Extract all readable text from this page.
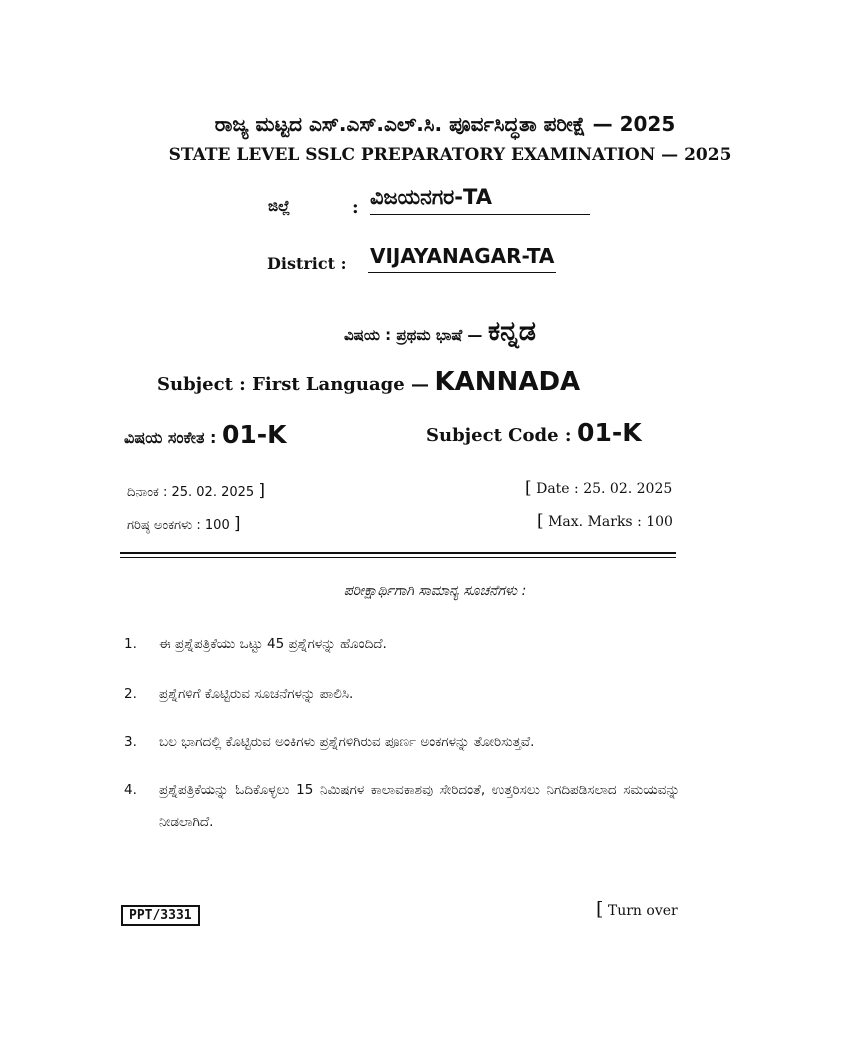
ರಾಜ್ಯ ಮಟ್ಟದ ಎಸ್.ಎಸ್.ಎಲ್.ಸಿ. ಪೂರ್ವಸಿದ್ಧತಾ ಪರೀಕ್ಷೆ — 2025
STATE LEVEL SSLC PREPARATORY EXAMINATION — 2025
ಜಿಲ್ಲೆ	: ವಿಜಯನಗರ-TA
District : VIJAYANAGAR-TA
ವಿಷಯ : ಪ್ರಥಮ ಭಾಷೆ — ಕನ್ನಡ
Subject : First Language — KANNADA
ವಿಷಯ ಸಂಕೇತ : 01-K	Subject Code : 01-K
ದಿನಾಂಕ : 25. 02. 2025 ]
ಗರಿಷ್ಠ ಅಂಕಗಳು : 100 ]
[ Date : 25. 02. 2025
[ Max. Marks : 100
ಪರೀಕ್ಷಾರ್ಥಿಗಾಗಿ ಸಾಮಾನ್ಯ ಸೂಚನೆಗಳು :
1.	ಈ ಪ್ರಶ್ನೆಪತ್ರಿಕೆಯು ಒಟ್ಟು 45 ಪ್ರಶ್ನೆಗಳನ್ನು ಹೊಂದಿದೆ.
2.	ಪ್ರಶ್ನೆಗಳಿಗೆ ಕೊಟ್ಟಿರುವ ಸೂಚನೆಗಳನ್ನು ಪಾಲಿಸಿ.
3.	ಬಲ ಭಾಗದಲ್ಲಿ ಕೊಟ್ಟಿರುವ ಅಂಕಿಗಳು ಪ್ರಶ್ನೆಗಳಿಗಿರುವ ಪೂರ್ಣ ಅಂಕಗಳನ್ನು ತೋರಿಸುತ್ತವೆ.
4.	ಪ್ರಶ್ನೆಪತ್ರಿಕೆಯನ್ನು ಓದಿಕೊಳ್ಳಲು 15 ನಿಮಿಷಗಳ ಕಾಲಾವಕಾಶವು ಸೇರಿದಂತೆ, ಉತ್ತರಿಸಲು ನಿಗದಿಪಡಿಸಲಾದ ಸಮಯವನ್ನು ನೀಡಲಾಗಿದೆ.
PPT/3331	[ Turn over
